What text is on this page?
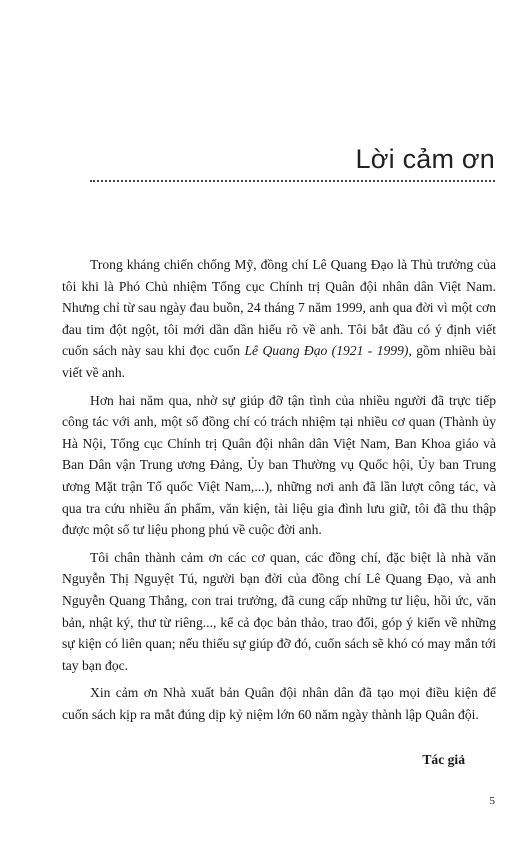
Lời cảm ơn

Trong kháng chiến chống Mỹ, đồng chí Lê Quang Đạo là Thủ trưởng của tôi khi là Phó Chủ nhiệm Tổng cục Chính trị Quân đội nhân dân Việt Nam. Nhưng chỉ từ sau ngày đau buồn, 24 tháng 7 năm 1999, anh qua đời vì một cơn đau tim đột ngột, tôi mới dần dần hiểu rõ về anh. Tôi bắt đầu có ý định viết cuốn sách này sau khi đọc cuốn Lê Quang Đạo (1921 - 1999), gồm nhiều bài viết về anh.

Hơn hai năm qua, nhờ sự giúp đỡ tận tình của nhiều người đã trực tiếp công tác với anh, một số đồng chí có trách nhiệm tại nhiều cơ quan (Thành ủy Hà Nội, Tổng cục Chính trị Quân đội nhân dân Việt Nam, Ban Khoa giáo và Ban Dân vận Trung ương Đảng, Ủy ban Thường vụ Quốc hội, Ủy ban Trung ương Mặt trận Tổ quốc Việt Nam,...), những nơi anh đã lần lượt công tác, và qua tra cứu nhiều ấn phẩm, văn kiện, tài liệu gia đình lưu giữ, tôi đã thu thập được một số tư liệu phong phú về cuộc đời anh.

Tôi chân thành cảm ơn các cơ quan, các đồng chí, đặc biệt là nhà văn Nguyễn Thị Nguyệt Tú, người bạn đời của đồng chí Lê Quang Đạo, và anh Nguyễn Quang Thắng, con trai trưởng, đã cung cấp những tư liệu, hồi ức, văn bản, nhật ký, thư từ riêng..., kể cả đọc bản thảo, trao đổi, góp ý kiến về những sự kiện có liên quan; nếu thiếu sự giúp đỡ đó, cuốn sách sẽ khó có may mắn tới tay bạn đọc.

Xin cảm ơn Nhà xuất bản Quân đội nhân dân đã tạo mọi điều kiện để cuốn sách kịp ra mắt đúng dịp kỷ niệm lớn 60 năm ngày thành lập Quân đội.

Tác giả
5
